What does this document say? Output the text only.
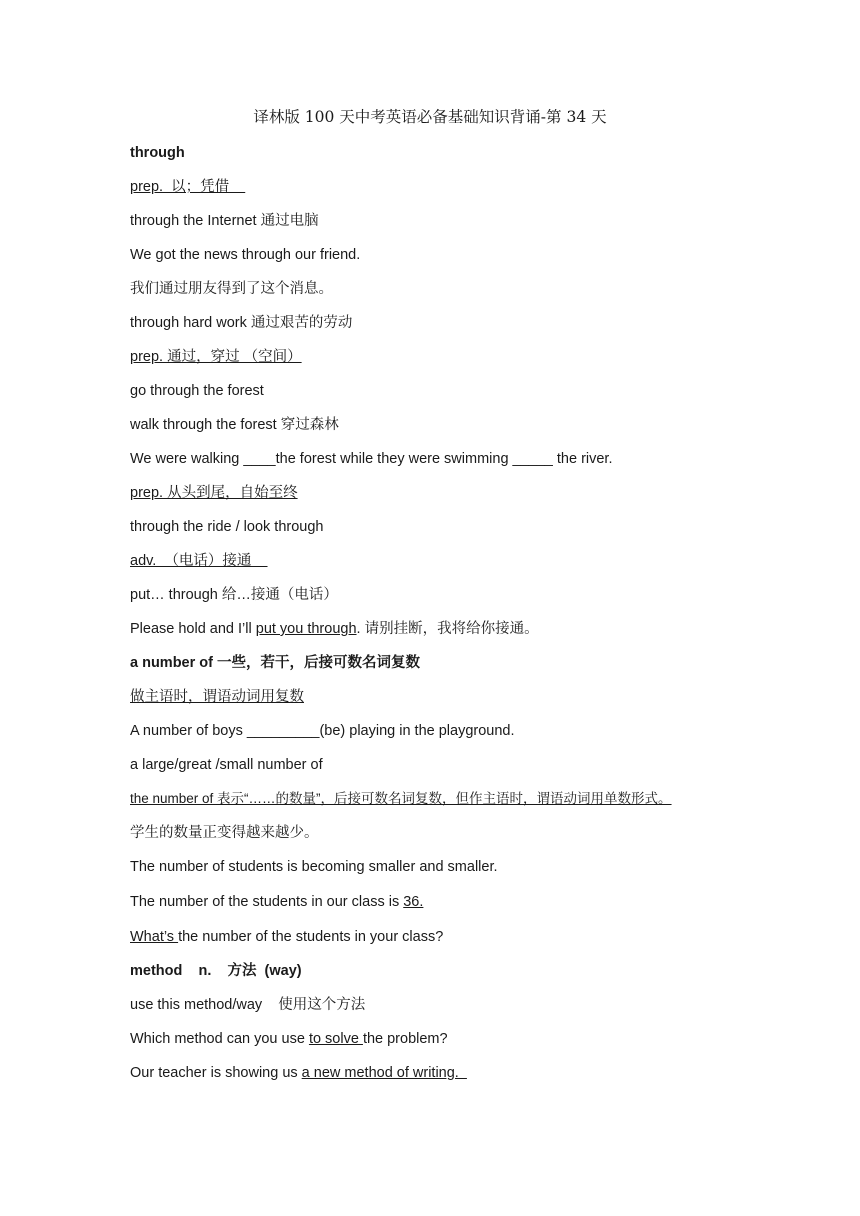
译林版 100 天中考英语必备基础知识背诵-第 34 天
through
prep.  以；凭借
through the Internet 通过电脑
We got the news through our friend.
我们通过朋友得到了这个消息。
through hard work 通过艰苦的劳动
prep. 通过，穿过 （空间）
go through the forest
walk through the forest 穿过森林
We were walking ____the forest while they were swimming _____ the river.
prep. 从头到尾，自始至终
through the ride / look through
adv.  （电话）接通
put… through 给…接通（电话）
Please hold and I’ll put you through. 请别挂断，我将给你接通。
a number of 一些，若干，后接可数名词复数
做主语时，谓语动词用复数
A number of boys _________(be) playing in the playground.
a large/great /small number of
the number of 表示“……的数量”，后接可数名词复数，但作主语时，谓语动词用单数形式。
学生的数量正变得越来越少。
The number of students is becoming smaller and smaller.
The number of the students in our class is 36.
What’s the number of the students in your class?
method    n.    方法  (way)
use this method/way    使用这个方法
Which method can you use to solve the problem?
Our teacher is showing us a new method of writing.
